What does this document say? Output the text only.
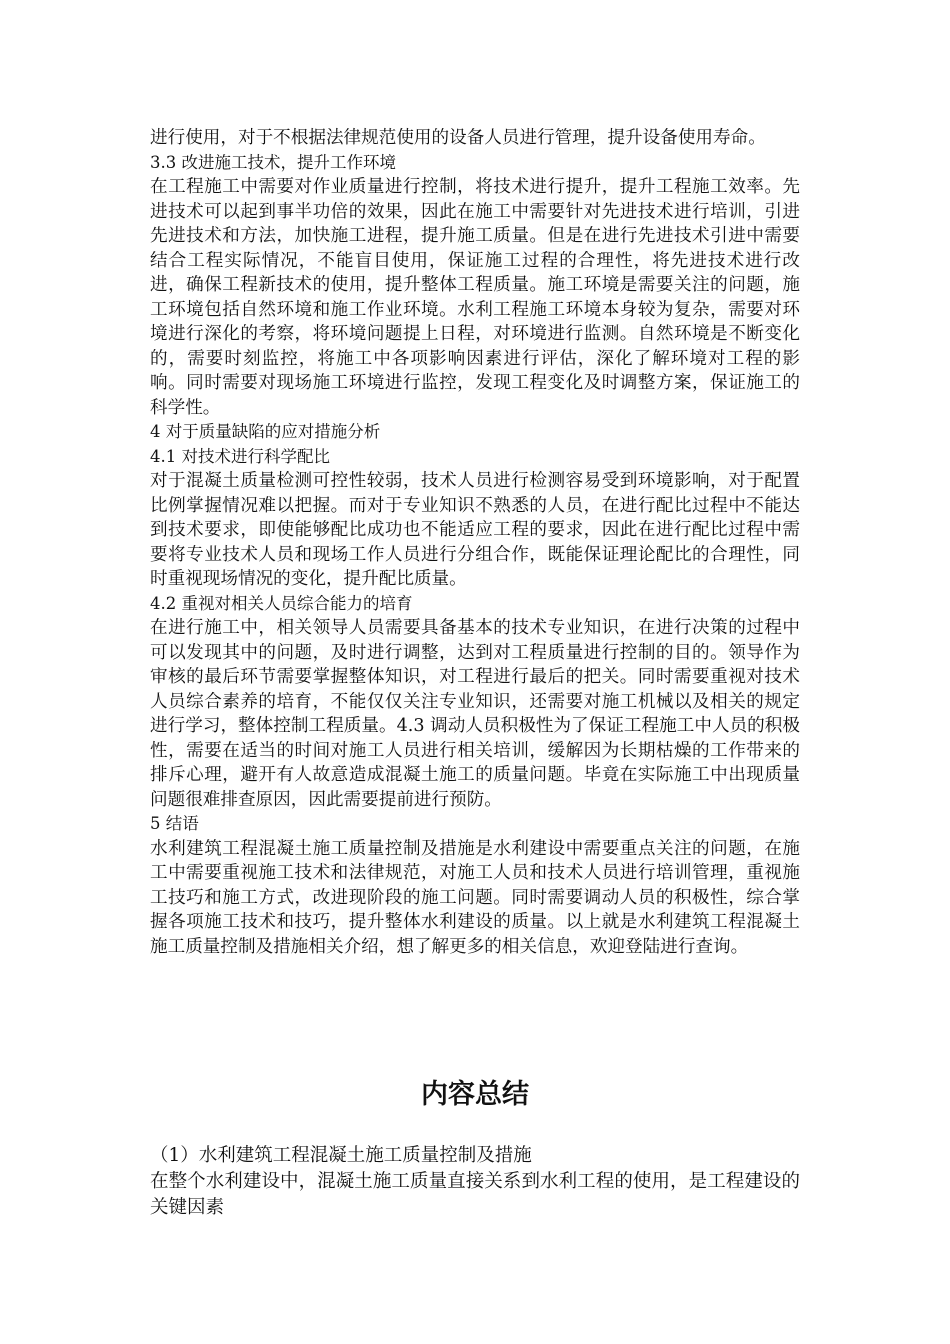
进行使用，对于不根据法律规范使用的设备人员进行管理，提升设备使用寿命。

3.3 改进施工技术，提升工作环境

在工程施工中需要对作业质量进行控制，将技术进行提升，提升工程施工效率。先进技术可以起到事半功倍的效果，因此在施工中需要针对先进技术进行培训，引进先进技术和方法，加快施工进程，提升施工质量。但是在进行先进技术引进中需要结合工程实际情况，不能盲目使用，保证施工过程的合理性，将先进技术进行改进，确保工程新技术的使用，提升整体工程质量。施工环境是需要关注的问题，施工环境包括自然环境和施工作业环境。水利工程施工环境本身较为复杂，需要对环境进行深化的考察，将环境问题提上日程，对环境进行监测。自然环境是不断变化的，需要时刻监控，将施工中各项影响因素进行评估，深化了解环境对工程的影响。同时需要对现场施工环境进行监控，发现工程变化及时调整方案，保证施工的科学性。

4 对于质量缺陷的应对措施分析

4.1 对技术进行科学配比

对于混凝土质量检测可控性较弱，技术人员进行检测容易受到环境影响，对于配置比例掌握情况难以把握。而对于专业知识不熟悉的人员，在进行配比过程中不能达到技术要求，即使能够配比成功也不能适应工程的要求，因此在进行配比过程中需要将专业技术人员和现场工作人员进行分组合作，既能保证理论配比的合理性，同时重视现场情况的变化，提升配比质量。

4.2 重视对相关人员综合能力的培育

在进行施工中，相关领导人员需要具备基本的技术专业知识，在进行决策的过程中可以发现其中的问题，及时进行调整，达到对工程质量进行控制的目的。领导作为审核的最后环节需要掌握整体知识，对工程进行最后的把关。同时需要重视对技术人员综合素养的培育，不能仅仅关注专业知识，还需要对施工机械以及相关的规定进行学习，整体控制工程质量。4.3 调动人员积极性为了保证工程施工中人员的积极性，需要在适当的时间对施工人员进行相关培训，缓解因为长期枯燥的工作带来的排斥心理，避开有人故意造成混凝土施工的质量问题。毕竟在实际施工中出现质量问题很难排查原因，因此需要提前进行预防。

5 结语

水利建筑工程混凝土施工质量控制及措施是水利建设中需要重点关注的问题，在施工中需要重视施工技术和法律规范，对施工人员和技术人员进行培训管理，重视施工技巧和施工方式，改进现阶段的施工问题。同时需要调动人员的积极性，综合掌握各项施工技术和技巧，提升整体水利建设的质量。以上就是水利建筑工程混凝土施工质量控制及措施相关介绍，想了解更多的相关信息，欢迎登陆进行查询。

内容总结

（1）水利建筑工程混凝土施工质量控制及措施

在整个水利建设中，混凝土施工质量直接关系到水利工程的使用，是工程建设的关键因素
